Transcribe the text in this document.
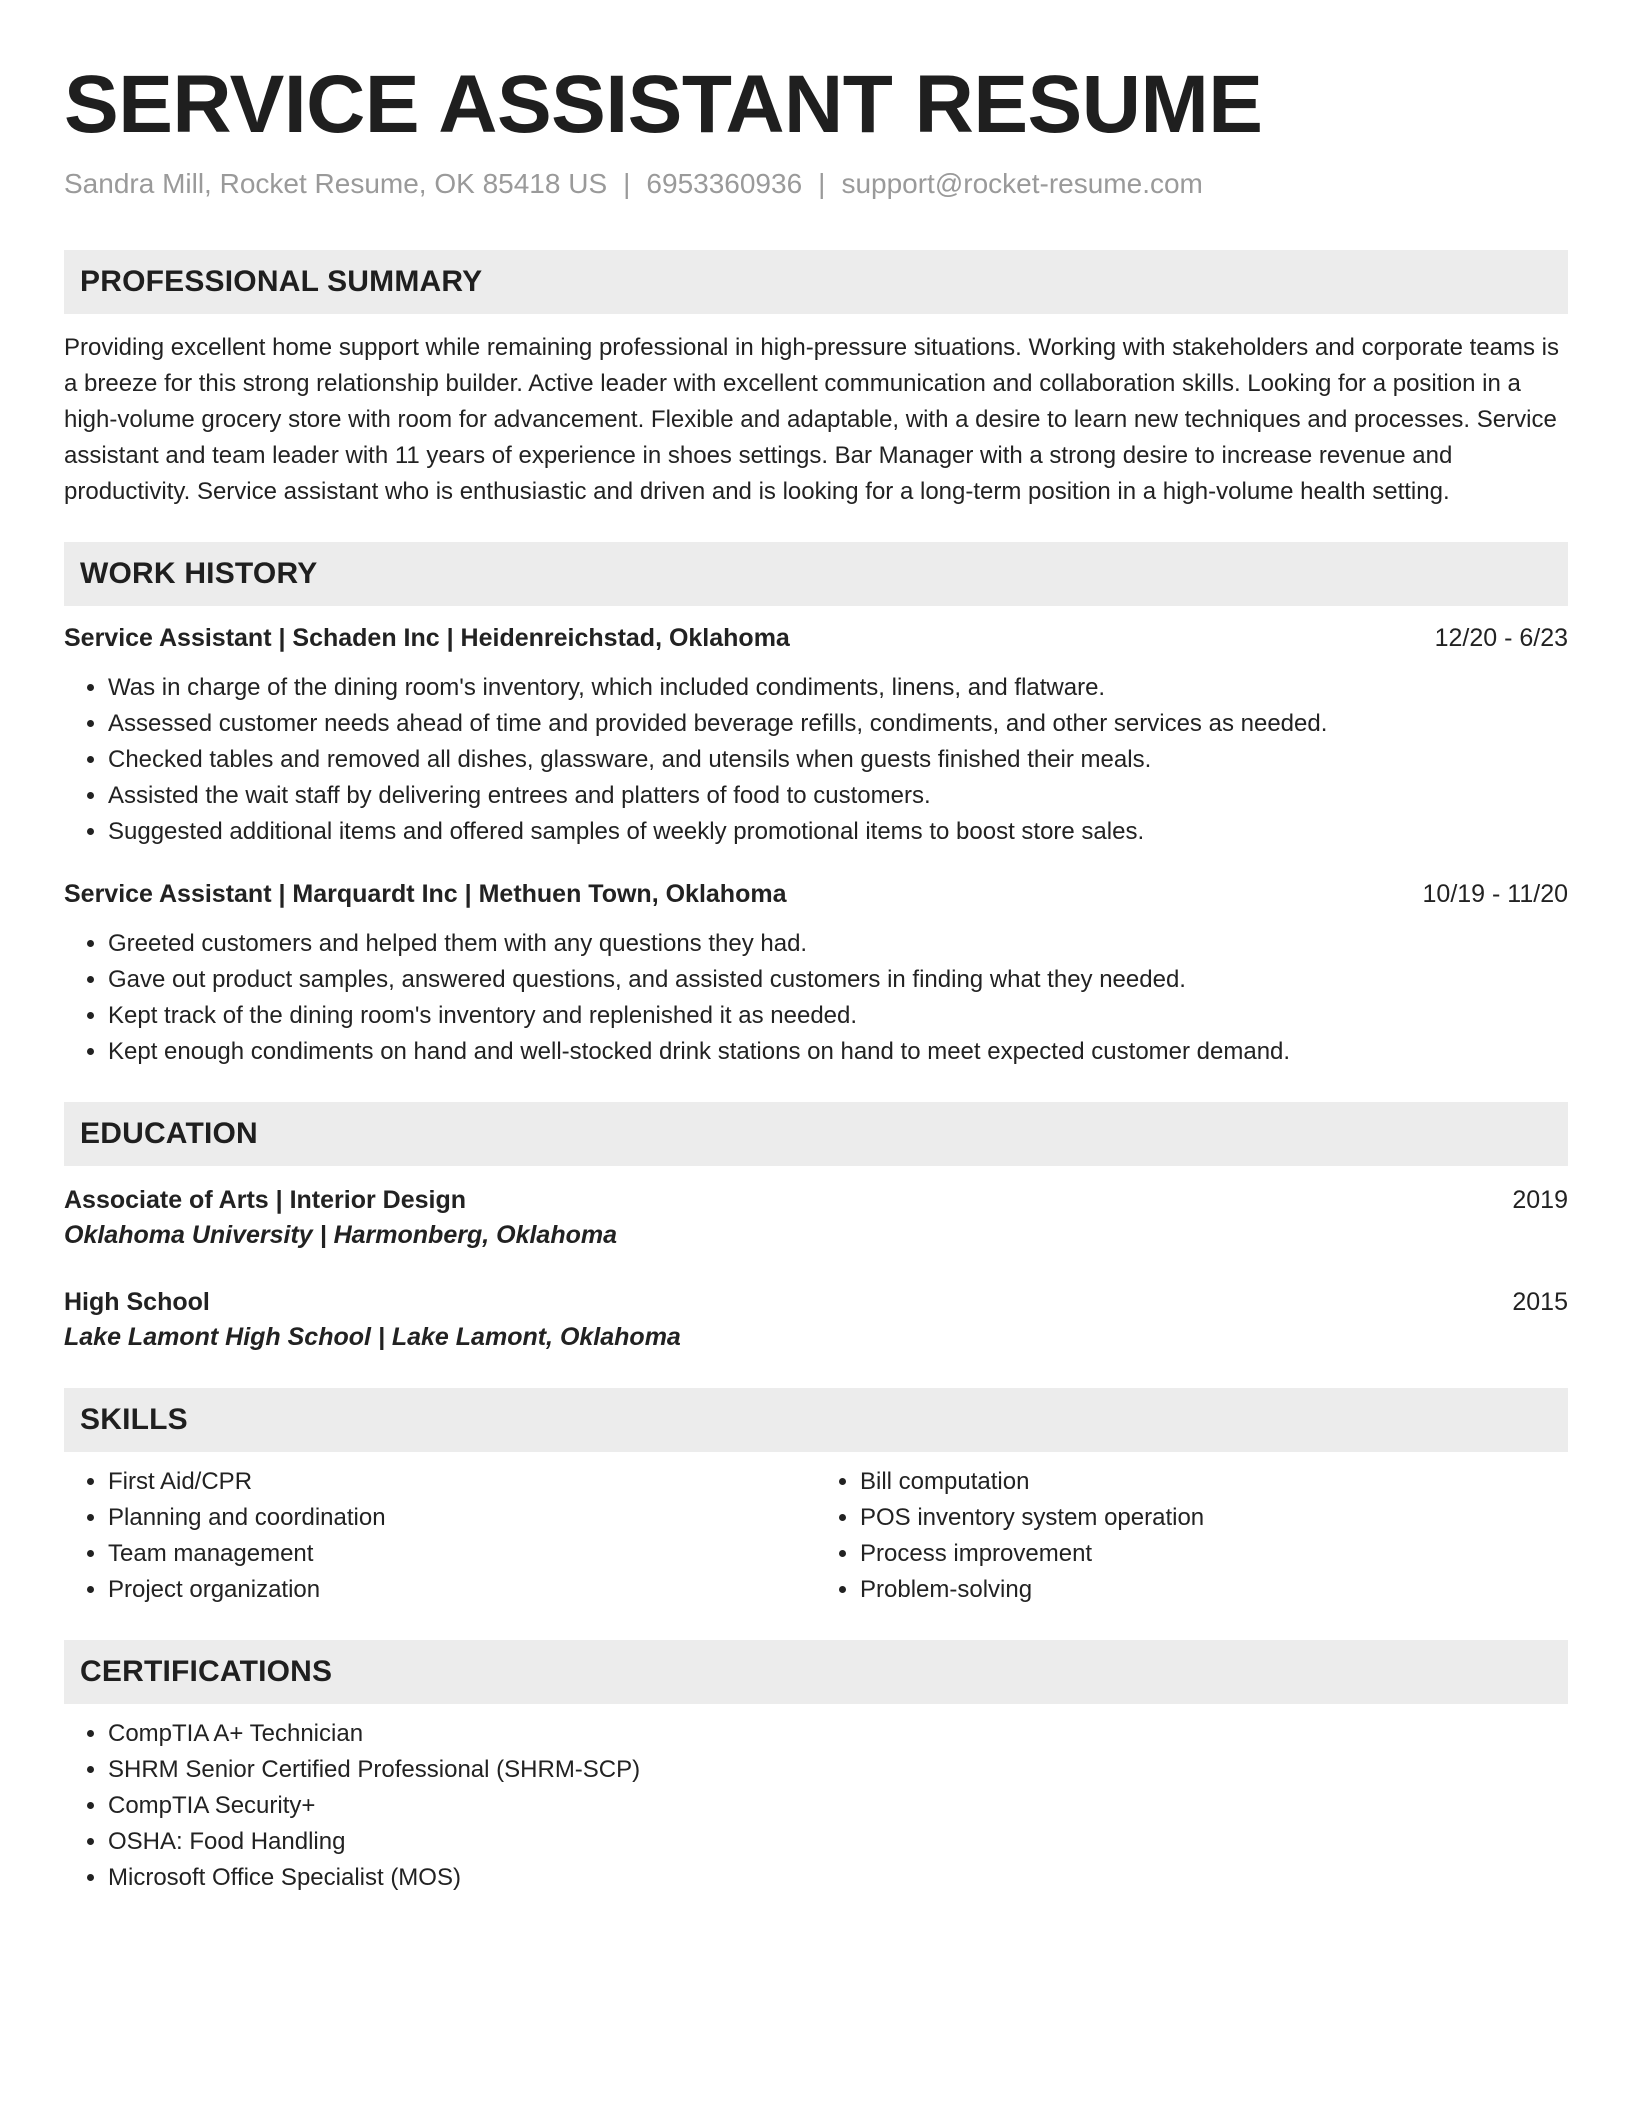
SERVICE ASSISTANT RESUME
Sandra Mill, Rocket Resume, OK 85418 US | 6953360936 | support@rocket-resume.com
PROFESSIONAL SUMMARY

Providing excellent home support while remaining professional in high-pressure situations. Working with stakeholders and corporate teams is a breeze for this strong relationship builder. Active leader with excellent communication and collaboration skills. Looking for a position in a high-volume grocery store with room for advancement. Flexible and adaptable, with a desire to learn new techniques and processes. Service assistant and team leader with 11 years of experience in shoes settings. Bar Manager with a strong desire to increase revenue and productivity. Service assistant who is enthusiastic and driven and is looking for a long-term position in a high-volume health setting.

WORK HISTORY
Service Assistant | Schaden Inc | Heidenreichstad, Oklahoma	12/20 - 6/23
• Was in charge of the dining room's inventory, which included condiments, linens, and flatware.
• Assessed customer needs ahead of time and provided beverage refills, condiments, and other services as needed.
• Checked tables and removed all dishes, glassware, and utensils when guests finished their meals.
• Assisted the wait staff by delivering entrees and platters of food to customers.
• Suggested additional items and offered samples of weekly promotional items to boost store sales.
Service Assistant | Marquardt Inc | Methuen Town, Oklahoma	10/19 - 11/20
• Greeted customers and helped them with any questions they had.
• Gave out product samples, answered questions, and assisted customers in finding what they needed.
• Kept track of the dining room's inventory and replenished it as needed.
• Kept enough condiments on hand and well-stocked drink stations on hand to meet expected customer demand.
EDUCATION
Associate of Arts | Interior Design	2019
Oklahoma University | Harmonberg, Oklahoma
High School	2015
Lake Lamont High School | Lake Lamont, Oklahoma
SKILLS
• First Aid/CPR
• Planning and coordination
• Team management
• Project organization
• Bill computation
• POS inventory system operation
• Process improvement
• Problem-solving
CERTIFICATIONS
• CompTIA A+ Technician
• SHRM Senior Certified Professional (SHRM-SCP)
• CompTIA Security+
• OSHA: Food Handling
• Microsoft Office Specialist (MOS)
